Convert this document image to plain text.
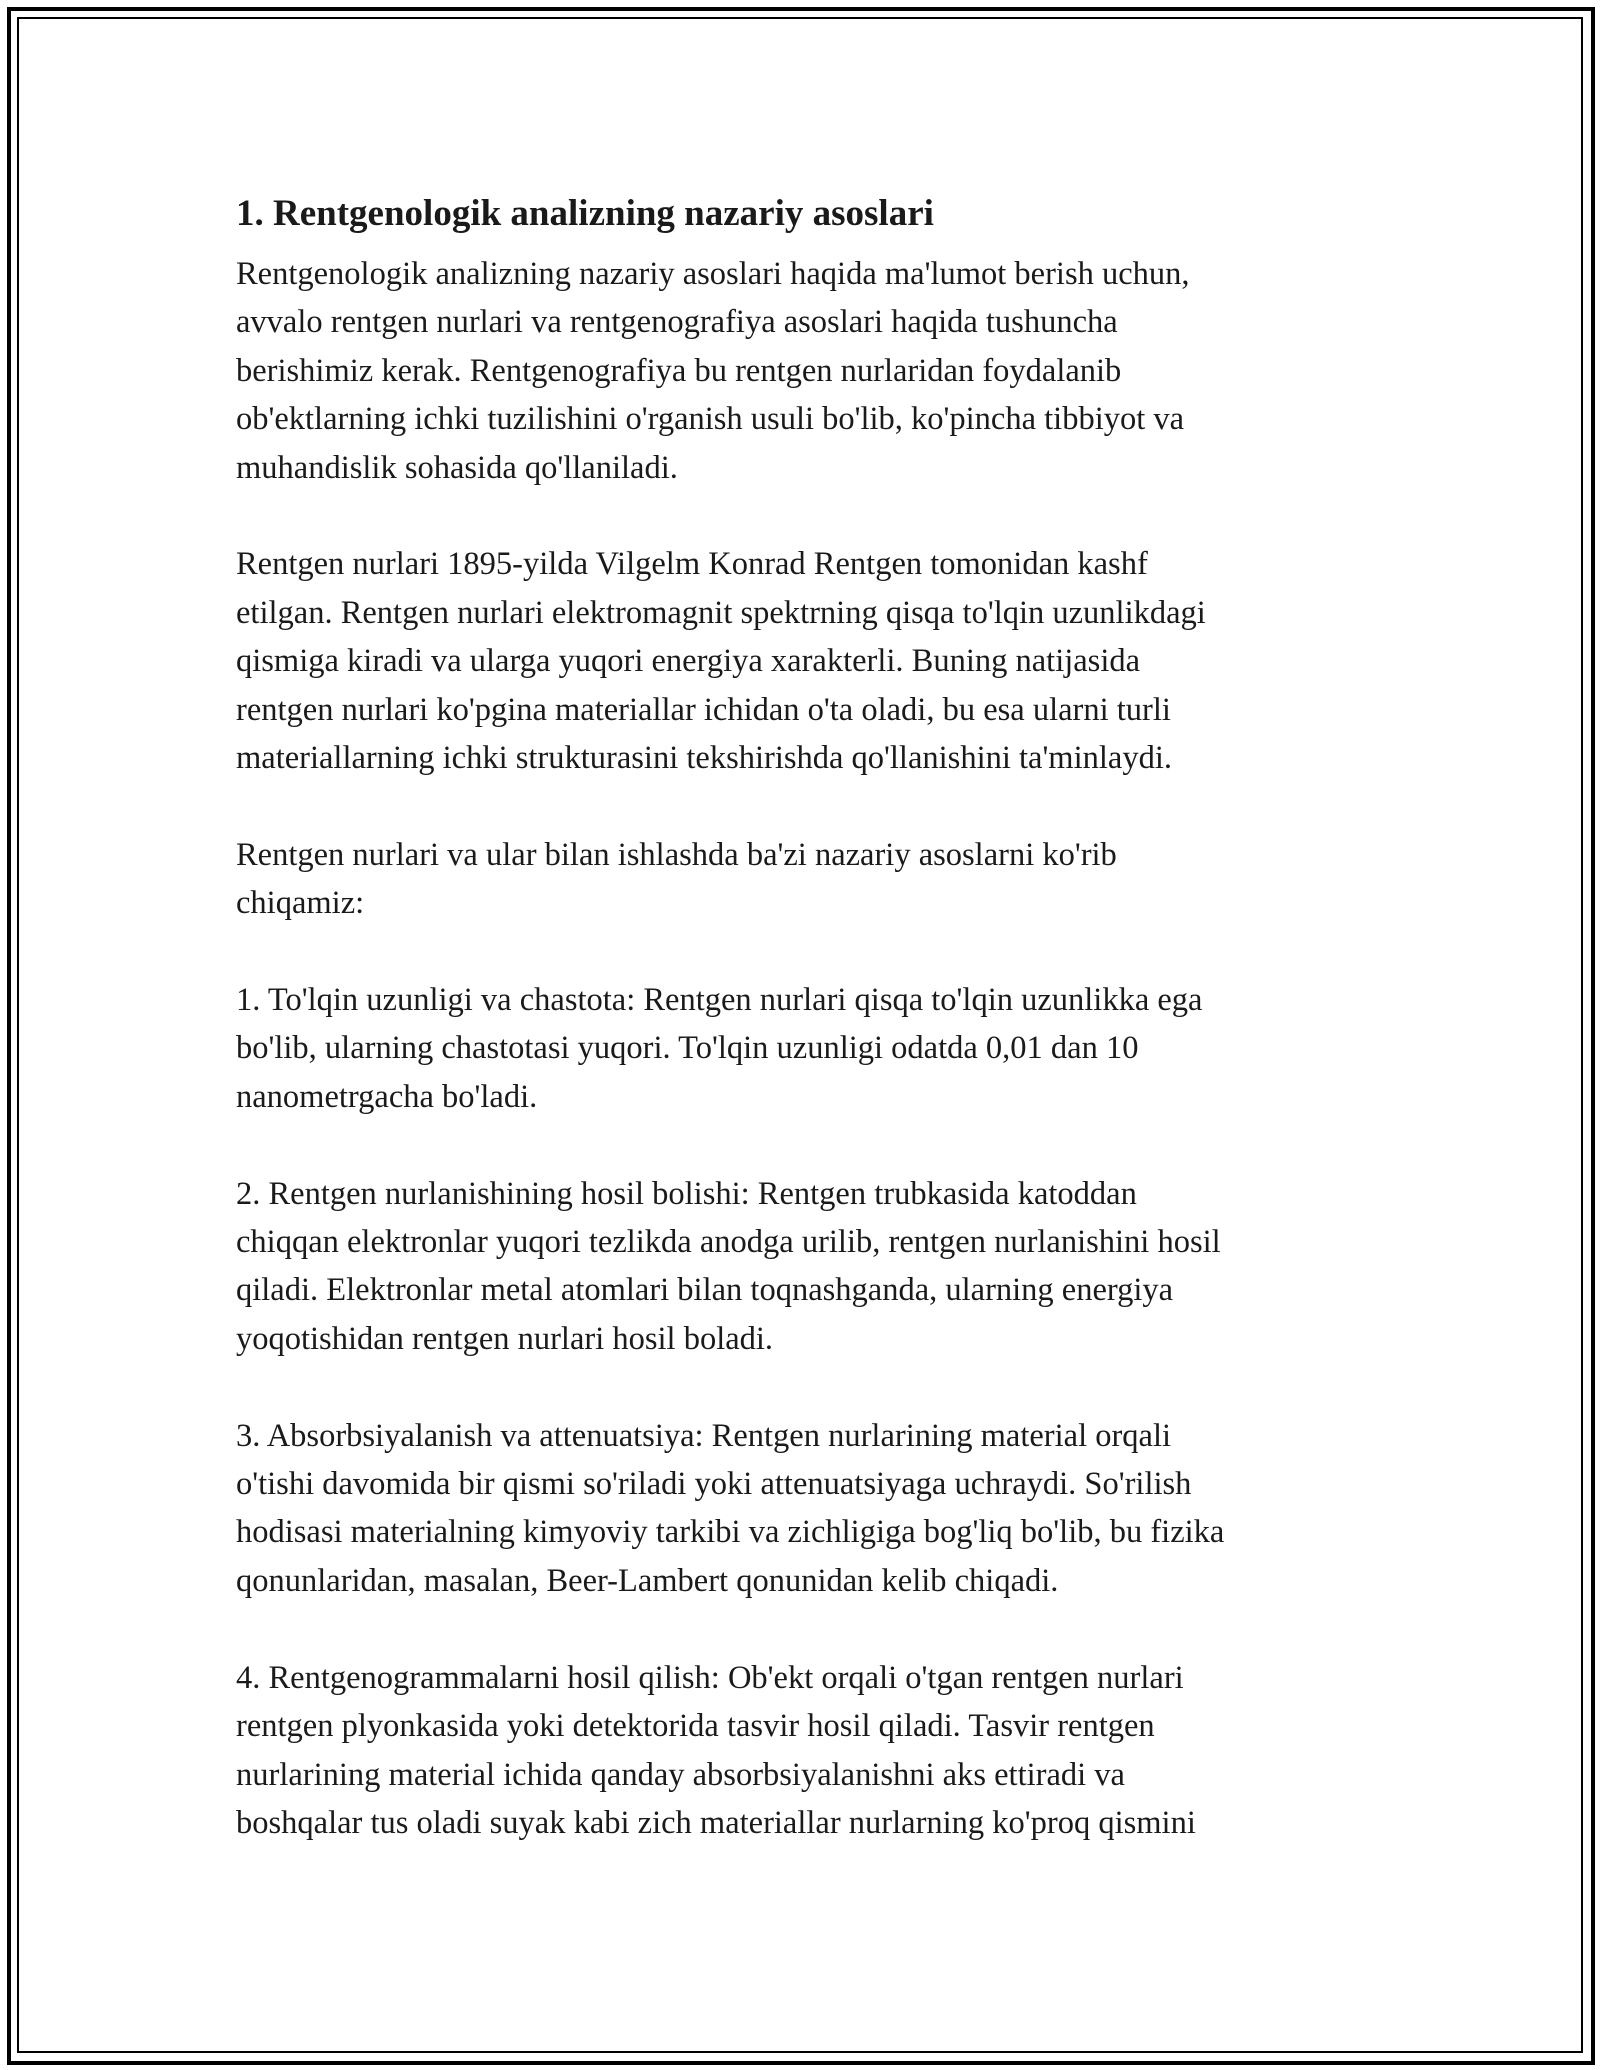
1. Rentgenologik analizning nazariy asoslari

Rentgenologik analizning nazariy asoslari haqida ma'lumot berish uchun,
avvalo rentgen nurlari va rentgenografiya asoslari haqida tushuncha
berishimiz kerak. Rentgenografiya bu rentgen nurlaridan foydalanib
ob'ektlarning ichki tuzilishini o'rganish usuli bo'lib, ko'pincha tibbiyot va
muhandislik sohasida qo'llaniladi.

Rentgen nurlari 1895-yilda Vilgelm Konrad Rentgen tomonidan kashf
etilgan. Rentgen nurlari elektromagnit spektrning qisqa to'lqin uzunlikdagi
qismiga kiradi va ularga yuqori energiya xarakterli. Buning natijasida
rentgen nurlari ko'pgina materiallar ichidan o'ta oladi, bu esa ularni turli
materiallarning ichki strukturasini tekshirishda qo'llanishini ta'minlaydi.

Rentgen nurlari va ular bilan ishlashda ba'zi nazariy asoslarni ko'rib
chiqamiz:

1. To'lqin uzunligi va chastota: Rentgen nurlari qisqa to'lqin uzunlikka ega
bo'lib, ularning chastotasi yuqori. To'lqin uzunligi odatda 0,01 dan 10
nanometrgacha bo'ladi.

2. Rentgen nurlanishining hosil bolishi: Rentgen trubkasida katoddan
chiqqan elektronlar yuqori tezlikda anodga urilib, rentgen nurlanishini hosil
qiladi. Elektronlar metal atomlari bilan toqnashganda, ularning energiya
yoqotishidan rentgen nurlari hosil boladi.

3. Absorbsiyalanish va attenuatsiya: Rentgen nurlarining material orqali
o'tishi davomida bir qismi so'riladi yoki attenuatsiyaga uchraydi. So'rilish
hodisasi materialning kimyoviy tarkibi va zichligiga bog'liq bo'lib, bu fizika
qonunlaridan, masalan, Beer-Lambert qonunidan kelib chiqadi.

4. Rentgenogrammalarni hosil qilish: Ob'ekt orqali o'tgan rentgen nurlari
rentgen plyonkasida yoki detektorida tasvir hosil qiladi. Tasvir rentgen
nurlarining material ichida qanday absorbsiyalanishni aks ettiradi va
boshqalar tus oladi suyak kabi zich materiallar nurlarning ko'proq qismini
